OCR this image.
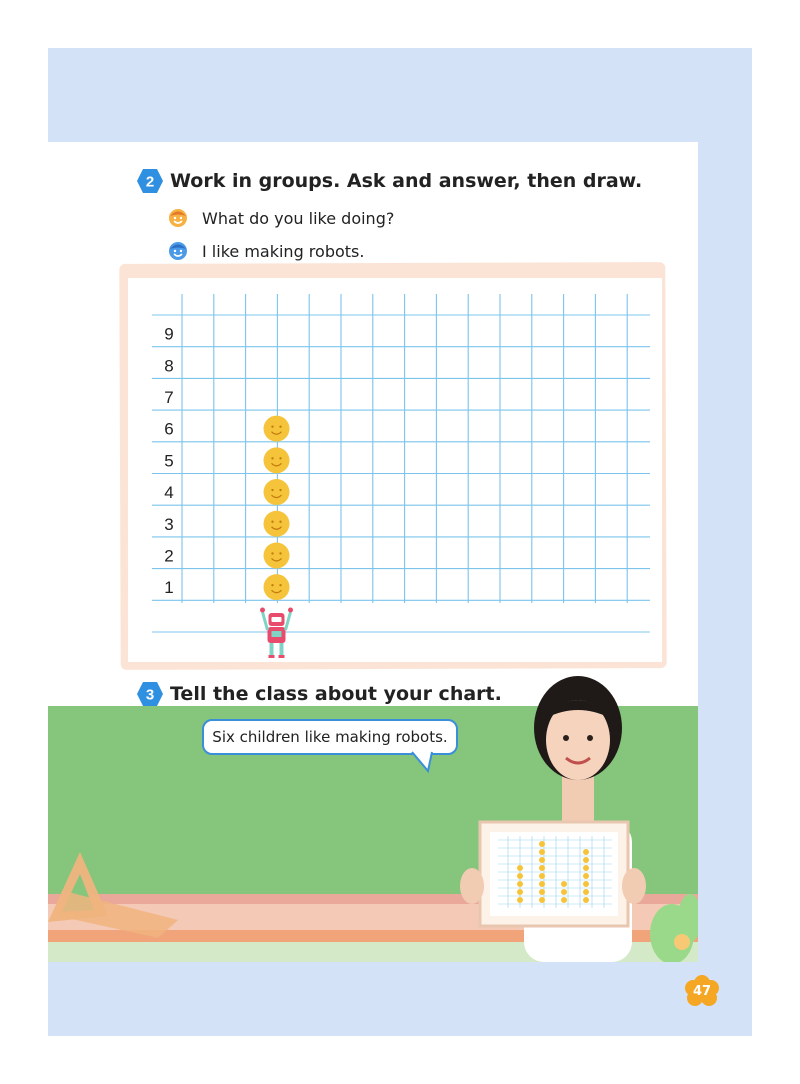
2 Work in groups. Ask and answer, then draw.
What do you like doing?
I like making robots.
1
2
3
4
5
6
7
8
9
3 Tell the class about your chart.
Six children like making robots.
47
